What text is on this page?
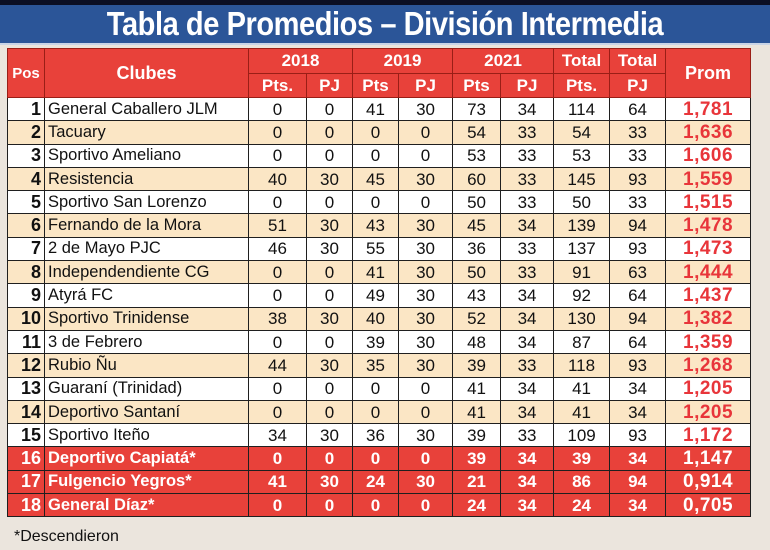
Tabla de Promedios – División Intermedia
Pos	Clubes	2018		2019		2021		Total	Total	Prom
		Pts.	PJ	Pts	PJ	Pts	PJ	Pts.	PJ	
1	General Caballero JLM	0	0	41	30	73	34	114	64	1,781
2	Tacuary	0	0	0	0	54	33	54	33	1,636
3	Sportivo Ameliano	0	0	0	0	53	33	53	33	1,606
4	Resistencia	40	30	45	30	60	33	145	93	1,559
5	Sportivo San Lorenzo	0	0	0	0	50	33	50	33	1,515
6	Fernando de la Mora	51	30	43	30	45	34	139	94	1,478
7	2 de Mayo PJC	46	30	55	30	36	33	137	93	1,473
8	Independendiente CG	0	0	41	30	50	33	91	63	1,444
9	Atyrá FC	0	0	49	30	43	34	92	64	1,437
10	Sportivo Trinidense	38	30	40	30	52	34	130	94	1,382
11	3 de Febrero	0	0	39	30	48	34	87	64	1,359
12	Rubio Ñu	44	30	35	30	39	33	118	93	1,268
13	Guaraní (Trinidad)	0	0	0	0	41	34	41	34	1,205
14	Deportivo Santaní	0	0	0	0	41	34	41	34	1,205
15	Sportivo Iteño	34	30	36	30	39	33	109	93	1,172
16	Deportivo Capiatá*	0	0	0	0	39	34	39	34	1,147
17	Fulgencio Yegros*	41	30	24	30	21	34	86	94	0,914
18	General Díaz*	0	0	0	0	24	34	24	34	0,705
*Descendieron
